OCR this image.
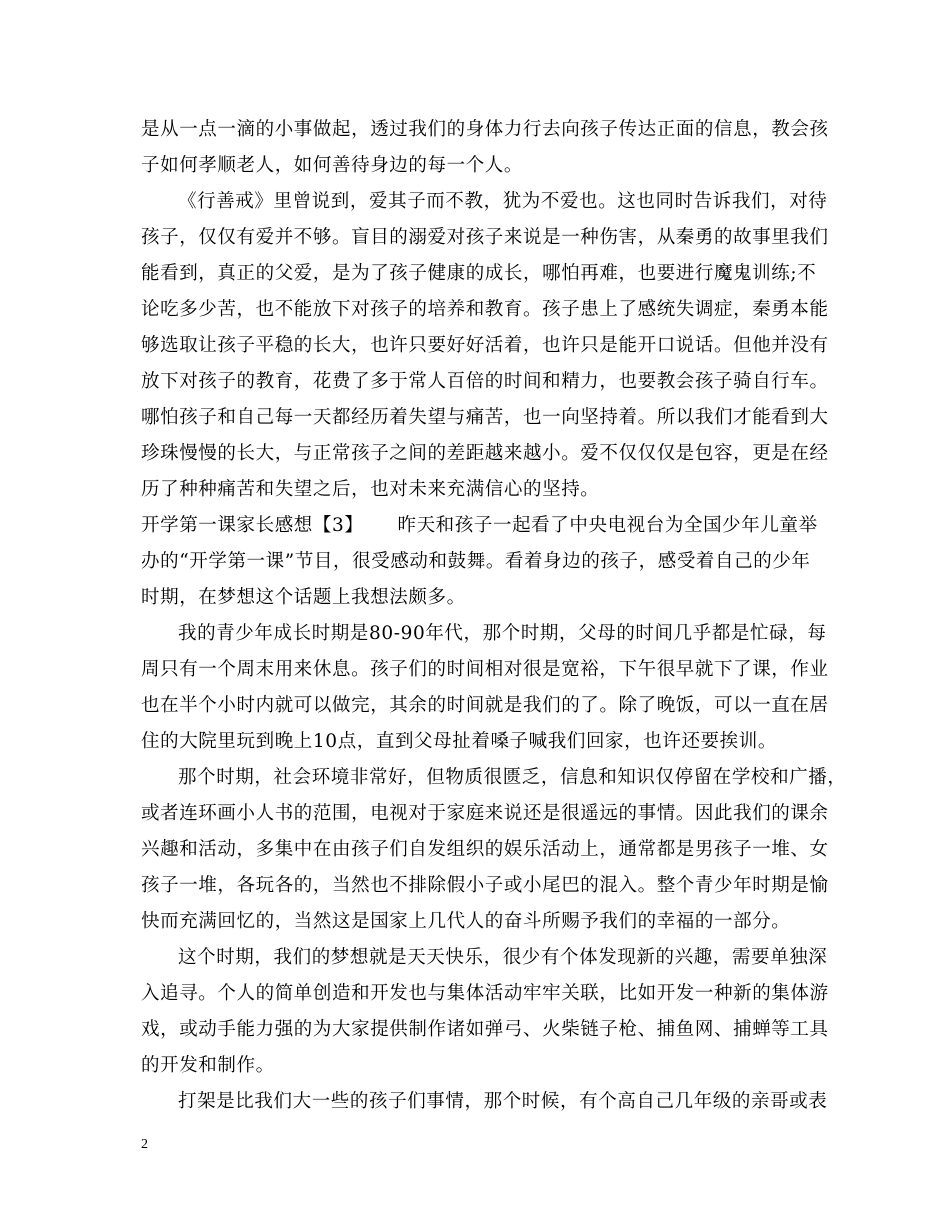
是从一点一滴的小事做起，透过我们的身体力行去向孩子传达正面的信息，教会孩
子如何孝顺老人，如何善待身边的每一个人。
《行善戒》里曾说到，爱其子而不教，犹为不爱也。这也同时告诉我们，对待
孩子，仅仅有爱并不够。盲目的溺爱对孩子来说是一种伤害，从秦勇的故事里我们
能看到，真正的父爱，是为了孩子健康的成长，哪怕再难，也要进行魔鬼训练;不
论吃多少苦，也不能放下对孩子的培养和教育。孩子患上了感统失调症，秦勇本能
够选取让孩子平稳的长大，也许只要好好活着，也许只是能开口说话。但他并没有
放下对孩子的教育，花费了多于常人百倍的时间和精力，也要教会孩子骑自行车。
哪怕孩子和自己每一天都经历着失望与痛苦，也一向坚持着。所以我们才能看到大
珍珠慢慢的长大，与正常孩子之间的差距越来越小。爱不仅仅仅是包容，更是在经
历了种种痛苦和失望之后，也对未来充满信心的坚持。
开学第一课家长感想【3】 昨天和孩子一起看了中央电视台为全国少年儿童举
办的“开学第一课”节目，很受感动和鼓舞。看着身边的孩子，感受着自己的少年
时期，在梦想这个话题上我想法颇多。
我的青少年成长时期是80-90年代，那个时期，父母的时间几乎都是忙碌，每
周只有一个周末用来休息。孩子们的时间相对很是宽裕，下午很早就下了课，作业
也在半个小时内就可以做完，其余的时间就是我们的了。除了晚饭，可以一直在居
住的大院里玩到晚上10点，直到父母扯着嗓子喊我们回家，也许还要挨训。
那个时期，社会环境非常好，但物质很匮乏，信息和知识仅停留在学校和广播，
或者连环画小人书的范围，电视对于家庭来说还是很遥远的事情。因此我们的课余
兴趣和活动，多集中在由孩子们自发组织的娱乐活动上，通常都是男孩子一堆、女
孩子一堆，各玩各的，当然也不排除假小子或小尾巴的混入。整个青少年时期是愉
快而充满回忆的，当然这是国家上几代人的奋斗所赐予我们的幸福的一部分。
这个时期，我们的梦想就是天天快乐，很少有个体发现新的兴趣，需要单独深
入追寻。个人的简单创造和开发也与集体活动牢牢关联，比如开发一种新的集体游
戏，或动手能力强的为大家提供制作诸如弹弓、火柴链子枪、捕鱼网、捕蝉等工具
的开发和制作。
打架是比我们大一些的孩子们事情，那个时候，有个高自己几年级的亲哥或表
2
